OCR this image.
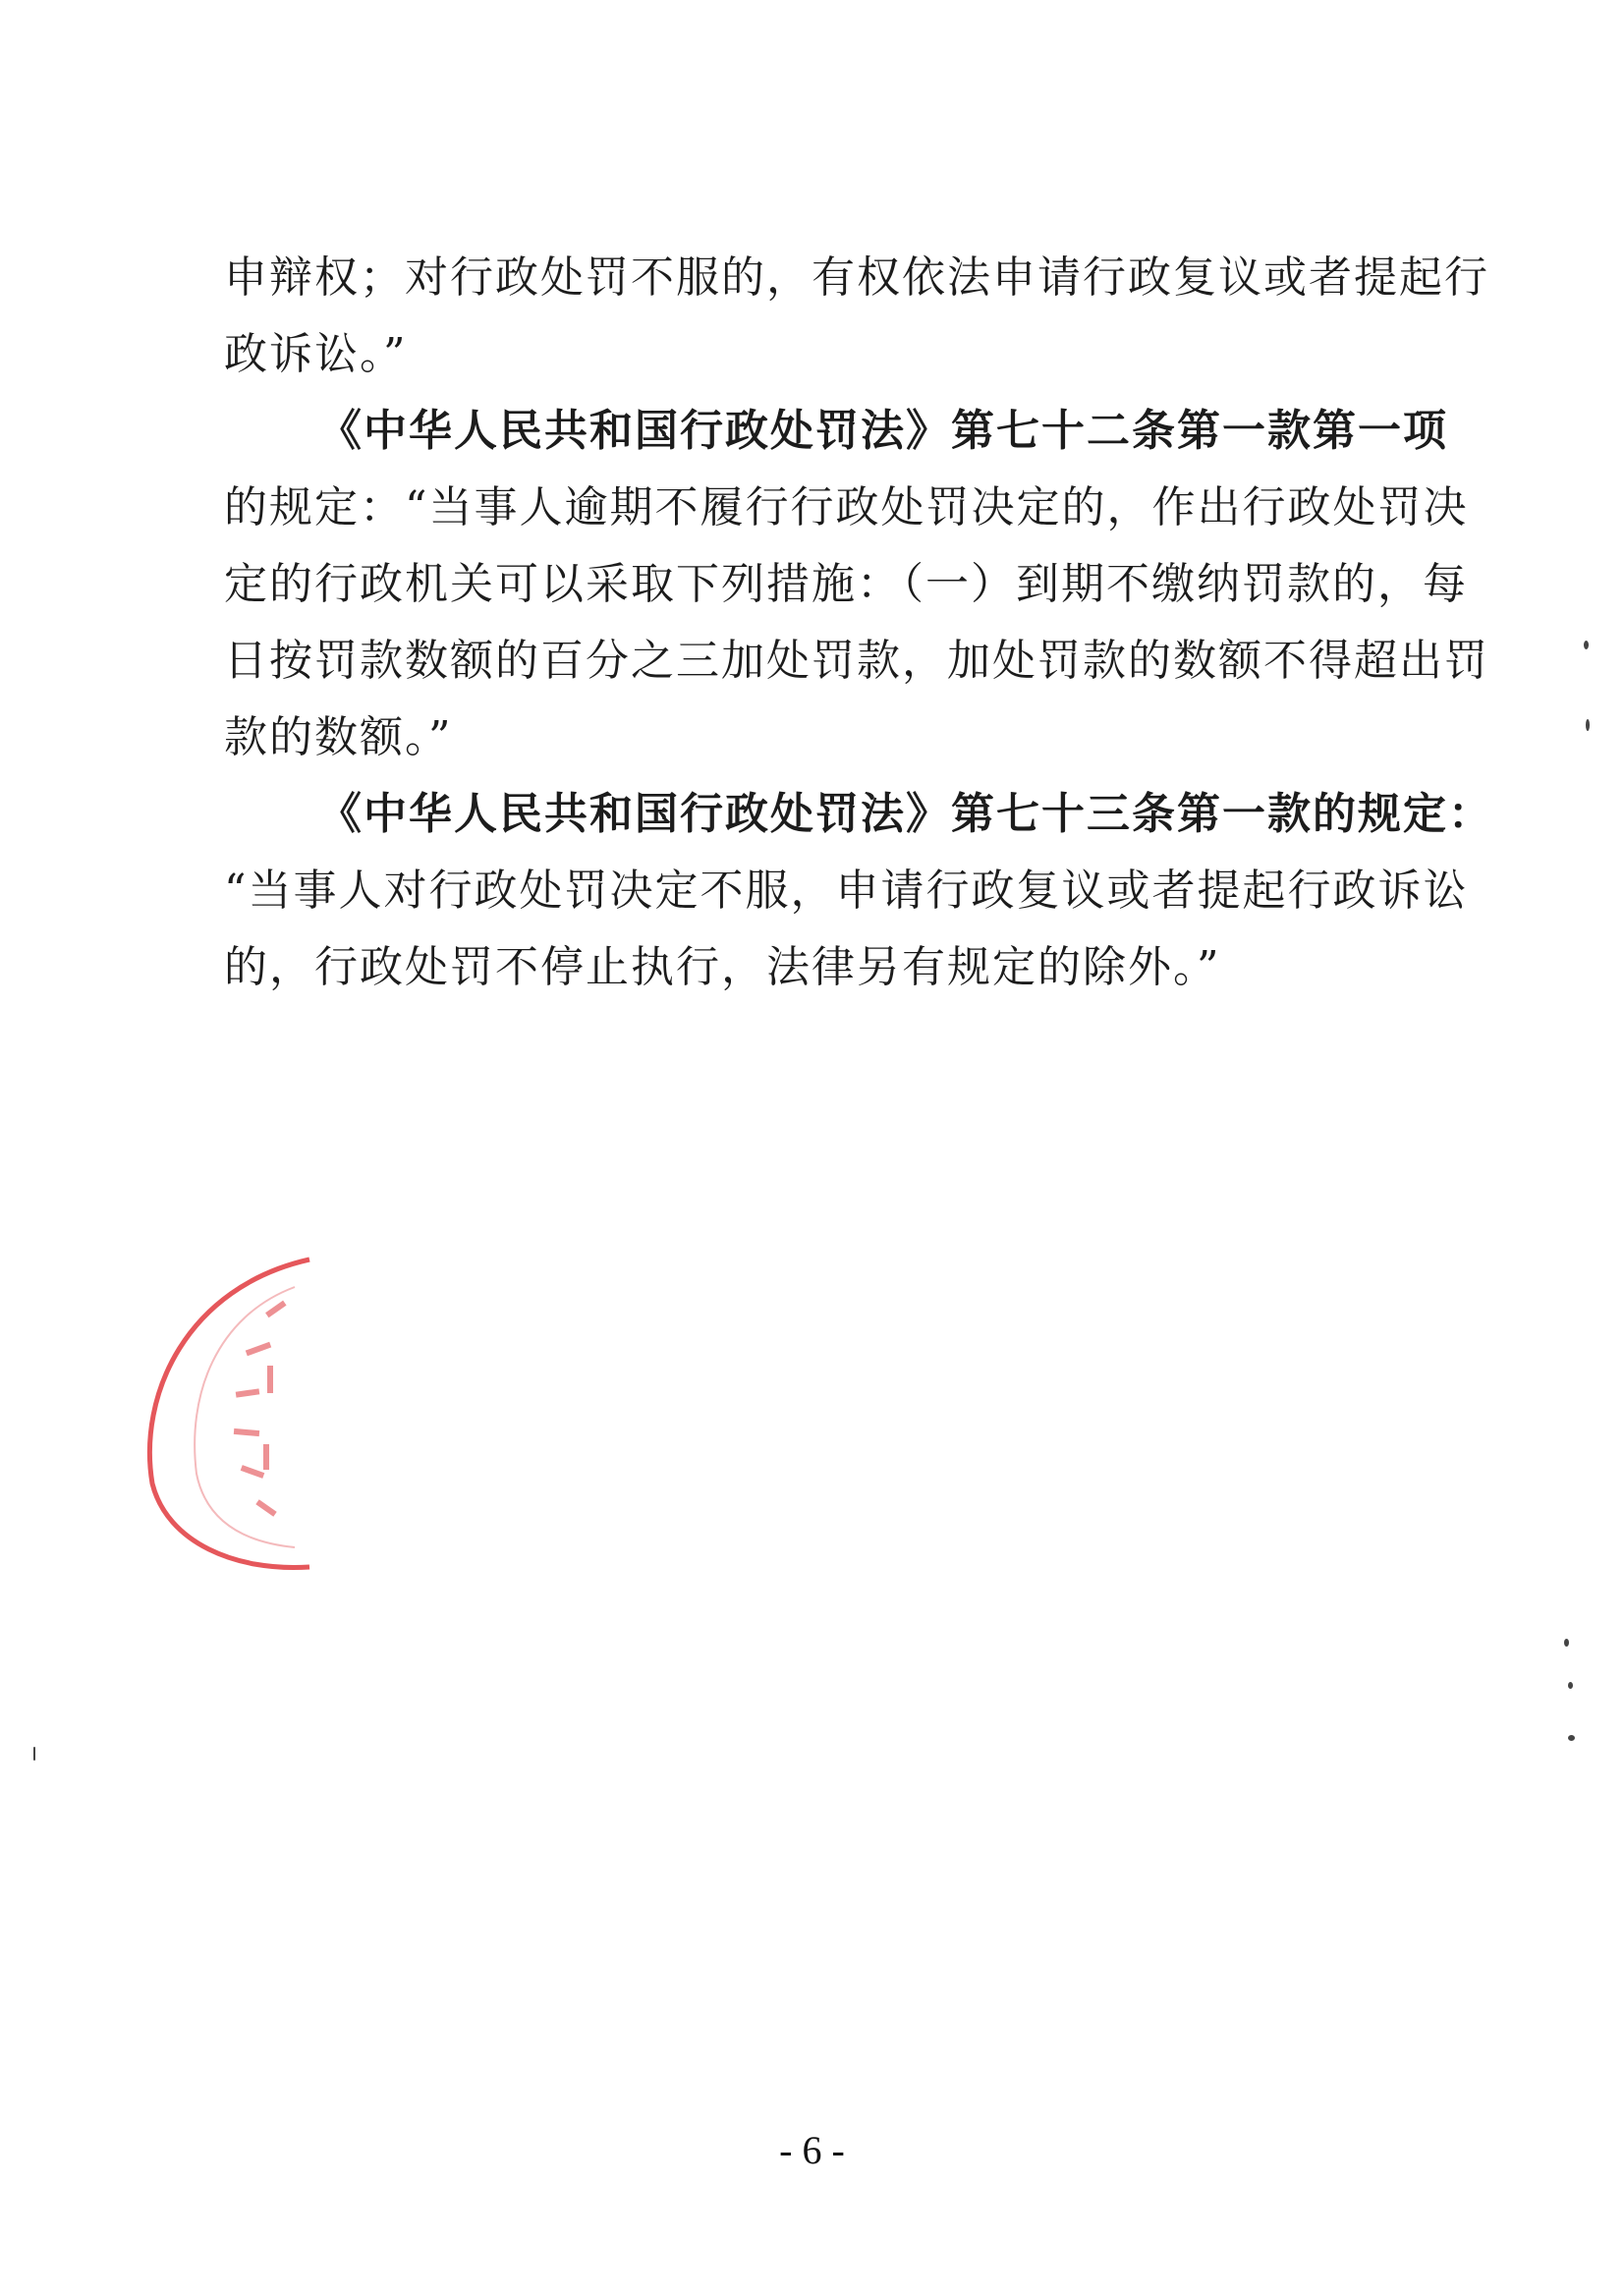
申辩权；对行政处罚不服的，有权依法申请行政复议或者提起行
政诉讼。”
《中华人民共和国行政处罚法》第七十二条第一款第一项
的规定：“当事人逾期不履行行政处罚决定的，作出行政处罚决
定的行政机关可以采取下列措施：（一）到期不缴纳罚款的，每
日按罚款数额的百分之三加处罚款，加处罚款的数额不得超出罚
款的数额。”
《中华人民共和国行政处罚法》第七十三条第一款的规定：
“当事人对行政处罚决定不服，申请行政复议或者提起行政诉讼
的，行政处罚不停止执行，法律另有规定的除外。”
- 6 -
